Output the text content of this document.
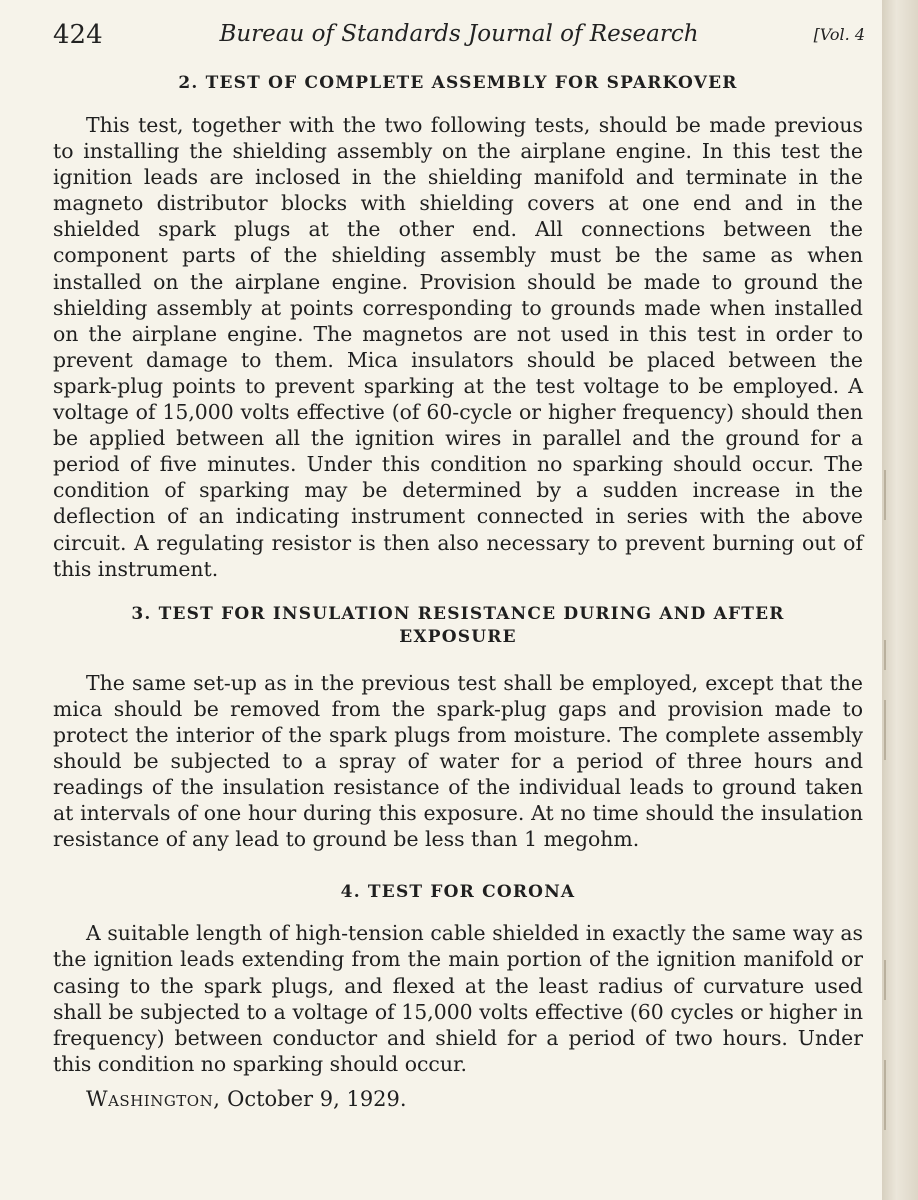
424	Bureau of Standards Journal of Research	[Vol. 4
2. TEST OF COMPLETE ASSEMBLY FOR SPARKOVER

This test, together with the two following tests, should be made previous to installing the shielding assembly on the airplane engine. In this test the ignition leads are inclosed in the shielding manifold and terminate in the magneto distributor blocks with shielding covers at one end and in the shielded spark plugs at the other end. All connections between the component parts of the shielding assembly must be the same as when installed on the airplane engine. Provision should be made to ground the shielding assembly at points corresponding to grounds made when installed on the airplane engine. The magnetos are not used in this test in order to prevent damage to them. Mica insulators should be placed between the spark-plug points to prevent sparking at the test voltage to be employed. A voltage of 15,000 volts effective (of 60-cycle or higher frequency) should then be applied between all the ignition wires in parallel and the ground for a period of five minutes. Under this condition no sparking should occur. The condition of sparking may be determined by a sudden increase in the deflection of an indicating instrument connected in series with the above circuit. A regulating resistor is then also necessary to prevent burning out of this instrument.

3. TEST FOR INSULATION RESISTANCE DURING AND AFTER EXPOSURE

The same set-up as in the previous test shall be employed, except that the mica should be removed from the spark-plug gaps and provision made to protect the interior of the spark plugs from moisture. The complete assembly should be subjected to a spray of water for a period of three hours and readings of the insulation resistance of the individual leads to ground taken at intervals of one hour during this exposure. At no time should the insulation resistance of any lead to ground be less than 1 megohm.

4. TEST FOR CORONA

A suitable length of high-tension cable shielded in exactly the same way as the ignition leads extending from the main portion of the ignition manifold or casing to the spark plugs, and flexed at the least radius of curvature used shall be subjected to a voltage of 15,000 volts effective (60 cycles or higher in frequency) between conductor and shield for a period of two hours. Under this condition no sparking should occur.

Washington, October 9, 1929.
